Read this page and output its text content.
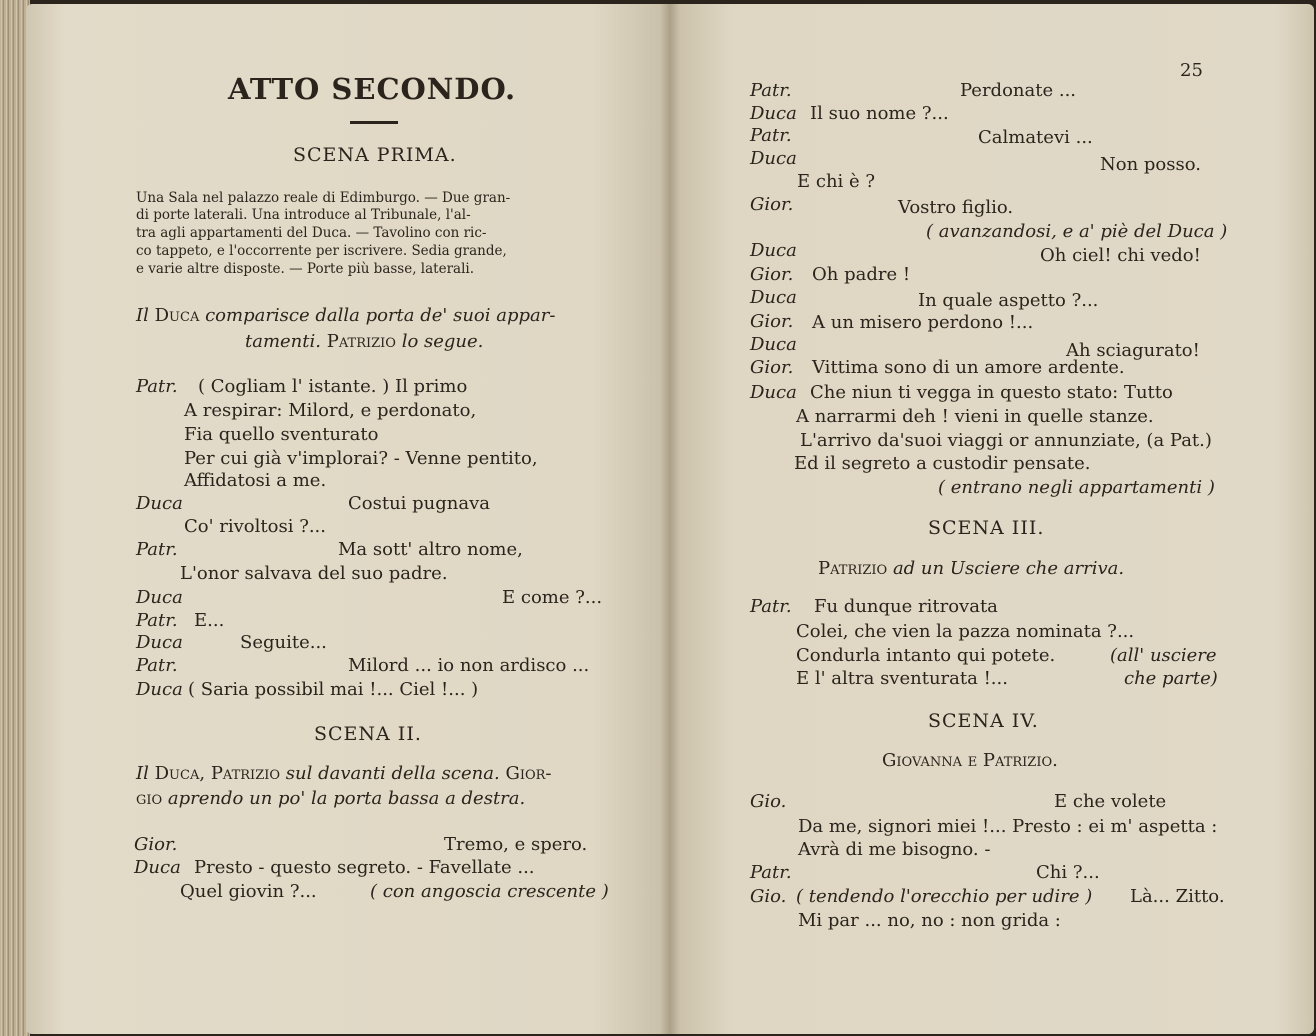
ATTO SECONDO.
SCENA PRIMA.
Una Sala nel palazzo reale di Edimburgo. — Due gran-
di porte laterali. Una introduce al Tribunale, l'al-
tra agli appartamenti del Duca. — Tavolino con ric-
co tappeto, e l'occorrente per iscrivere. Sedia grande,
e varie altre disposte. — Porte più basse, laterali.
Il Duca comparisce dalla porta de' suoi appar-
tamenti. Patrizio lo segue.
Patr. ( Cogliam l' istante. ) Il primo
A respirar: Milord, e perdonato,
Fia quello sventurato
Per cui già v'implorai? - Venne pentito,
Affidatosi a me.
Duca	Costui pugnava
Co' rivoltosi ?...
Patr.	Ma sott' altro nome,
L'onor salvava del suo padre.
Duca	E come ?...
Patr. E...
Duca	Seguite...
Patr.	Milord ... io non ardisco ...
Duca ( Saria possibil mai !... Ciel !... )
SCENA II.
Il Duca, Patrizio sul davanti della scena. Gior-
gio aprendo un po' la porta bassa a destra.
Gior.	Tremo, e spero.
Duca Presto - questo segreto. - Favellate ...
Quel giovin ?...	( con angoscia crescente )
25
Patr.	Perdonate ...
Duca Il suo nome ?...
Patr.	Calmatevi ...
Duca	Non posso.
E chi è ?
Gior.	Vostro figlio.
( avanzandosi, e a' piè del Duca )
Duca	Oh ciel! chi vedo!
Gior. Oh padre !
Duca	In quale aspetto ?...
Gior. A un misero perdono !...
Duca	Ah sciagurato!
Gior. Vittima sono di un amore ardente.
Duca Che niun ti vegga in questo stato: Tutto
A narrarmi deh ! vieni in quelle stanze.
L'arrivo da'suoi viaggi or annunziate, (a Pat.)
Ed il segreto a custodir pensate.
( entrano negli appartamenti )
SCENA III.
Patrizio ad un Usciere che arriva.
Patr. Fu dunque ritrovata
Colei, che vien la pazza nominata ?...
Condurla intanto qui potete.	(all' usciere
E l' altra sventurata !...	che parte)
SCENA IV.
Giovanna e Patrizio.
Gio.	E che volete
Da me, signori miei !... Presto : ei m' aspetta :
Avrà di me bisogno. -
Patr.	Chi ?...
Gio. ( tendendo l'orecchio per udire ) Là... Zitto.
Mi par ... no, no : non grida :
